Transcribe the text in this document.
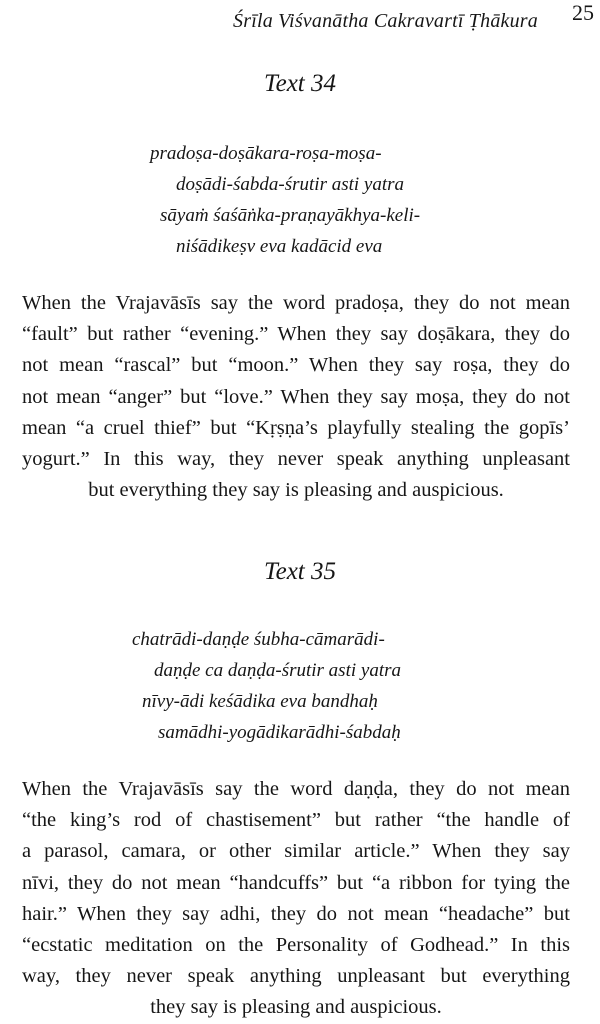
Śrīla Viśvanātha Cakravartī Ṭhākura 25
Text 34
pradoṣa-doṣākara-roṣa-moṣa-
doṣādi-śabda-śrutir asti yatra
sāyaṁ śaśāṅka-praṇayākhya-keli-
niśādikeṣv eva kadācid eva
When the Vrajavāsīs say the word pradoṣa, they do not mean
“fault” but rather “evening.” When they say doṣākara, they do
not mean “rascal” but “moon.” When they say roṣa, they do
not mean “anger” but “love.” When they say moṣa, they do not
mean “a cruel thief” but “Kṛṣṇa’s playfully stealing the gopīs’
yogurt.” In this way, they never speak anything unpleasant
but everything they say is pleasing and auspicious.
Text 35
chatrādi-daṇḍe śubha-cāmarādi-
daṇḍe ca daṇḍa-śrutir asti yatra
nīvy-ādi keśādika eva bandhaḥ
samādhi-yogādikarādhi-śabdaḥ
When the Vrajavāsīs say the word daṇḍa, they do not mean
“the king’s rod of chastisement” but rather “the handle of
a parasol, camara, or other similar article.” When they say
nīvi, they do not mean “handcuffs” but “a ribbon for tying the
hair.” When they say adhi, they do not mean “headache” but
“ecstatic meditation on the Personality of Godhead.” In this
way, they never speak anything unpleasant but everything
they say is pleasing and auspicious.
